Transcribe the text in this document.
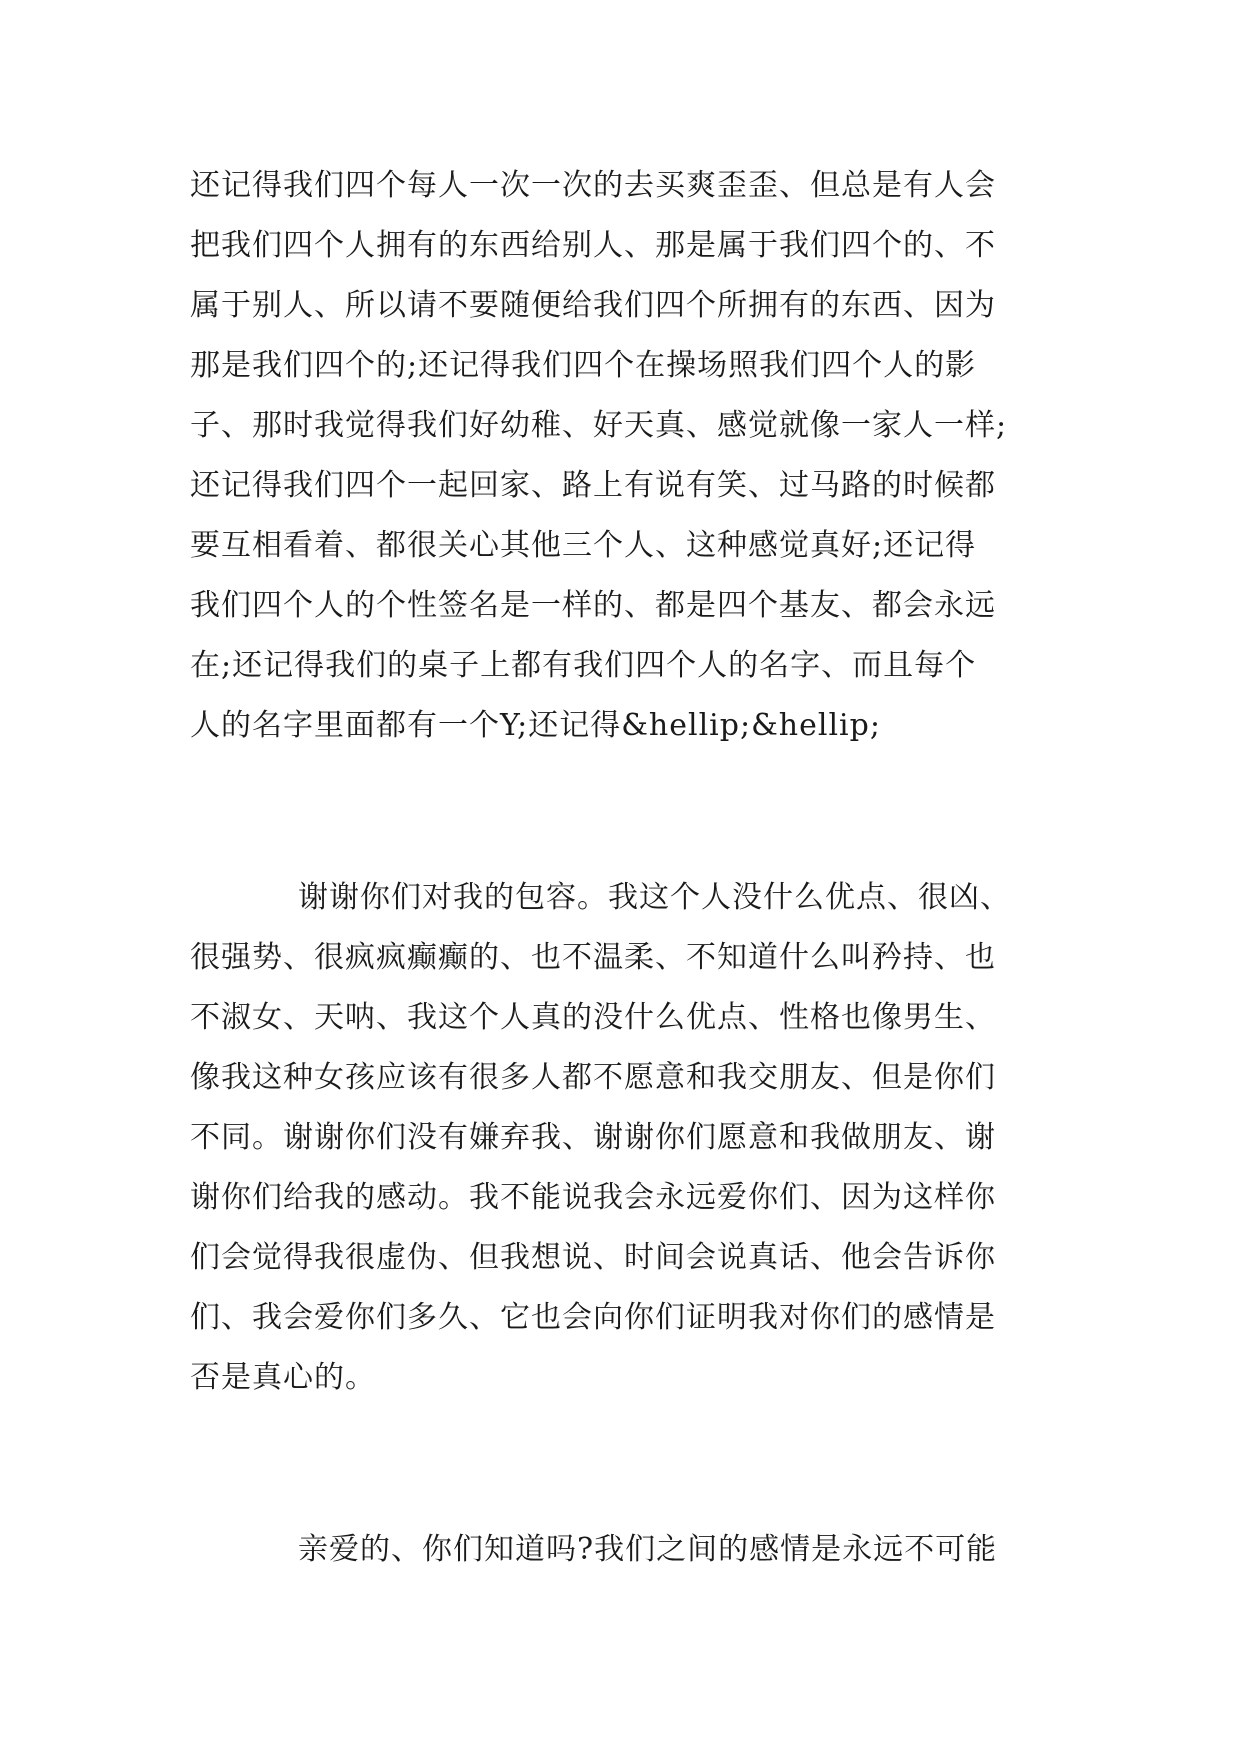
还记得我们四个每人一次一次的去买爽歪歪、但总是有人会
把我们四个人拥有的东西给别人、那是属于我们四个的、不
属于别人、所以请不要随便给我们四个所拥有的东西、因为
那是我们四个的;还记得我们四个在操场照我们四个人的影
子、那时我觉得我们好幼稚、好天真、感觉就像一家人一样;
还记得我们四个一起回家、路上有说有笑、过马路的时候都
要互相看着、都很关心其他三个人、这种感觉真好;还记得
我们四个人的个性签名是一样的、都是四个基友、都会永远
在;还记得我们的桌子上都有我们四个人的名字、而且每个
人的名字里面都有一个Y;还记得&hellip;&hellip;
谢谢你们对我的包容。我这个人没什么优点、很凶、
很强势、很疯疯癫癫的、也不温柔、不知道什么叫矜持、也
不淑女、天呐、我这个人真的没什么优点、性格也像男生、
像我这种女孩应该有很多人都不愿意和我交朋友、但是你们
不同。谢谢你们没有嫌弃我、谢谢你们愿意和我做朋友、谢
谢你们给我的感动。我不能说我会永远爱你们、因为这样你
们会觉得我很虚伪、但我想说、时间会说真话、他会告诉你
们、我会爱你们多久、它也会向你们证明我对你们的感情是
否是真心的。
亲爱的、你们知道吗?我们之间的感情是永远不可能
